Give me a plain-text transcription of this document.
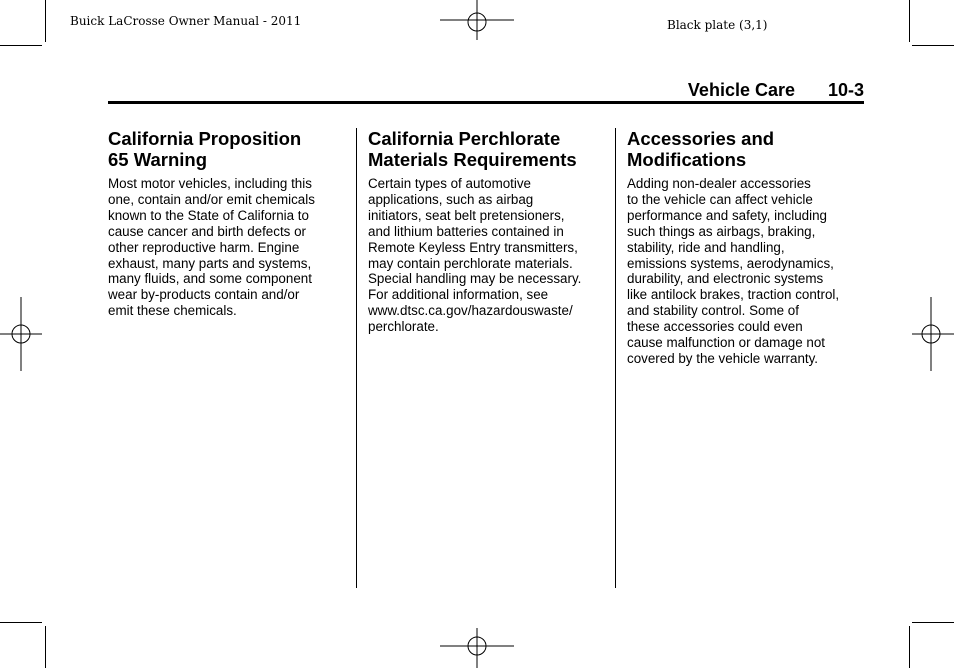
Buick LaCrosse Owner Manual - 2011	Black plate (3,1)
Vehicle Care 10-3
California Proposition
65 Warning

Most motor vehicles, including this
one, contain and/or emit chemicals
known to the State of California to
cause cancer and birth defects or
other reproductive harm. Engine
exhaust, many parts and systems,
many fluids, and some component
wear by-products contain and/or
emit these chemicals.

California Perchlorate
Materials Requirements

Certain types of automotive
applications, such as airbag
initiators, seat belt pretensioners,
and lithium batteries contained in
Remote Keyless Entry transmitters,
may contain perchlorate materials.
Special handling may be necessary.
For additional information, see
www.dtsc.ca.gov/hazardouswaste/
perchlorate.

Accessories and
Modifications

Adding non-dealer accessories
to the vehicle can affect vehicle
performance and safety, including
such things as airbags, braking,
stability, ride and handling,
emissions systems, aerodynamics,
durability, and electronic systems
like antilock brakes, traction control,
and stability control. Some of
these accessories could even
cause malfunction or damage not
covered by the vehicle warranty.
